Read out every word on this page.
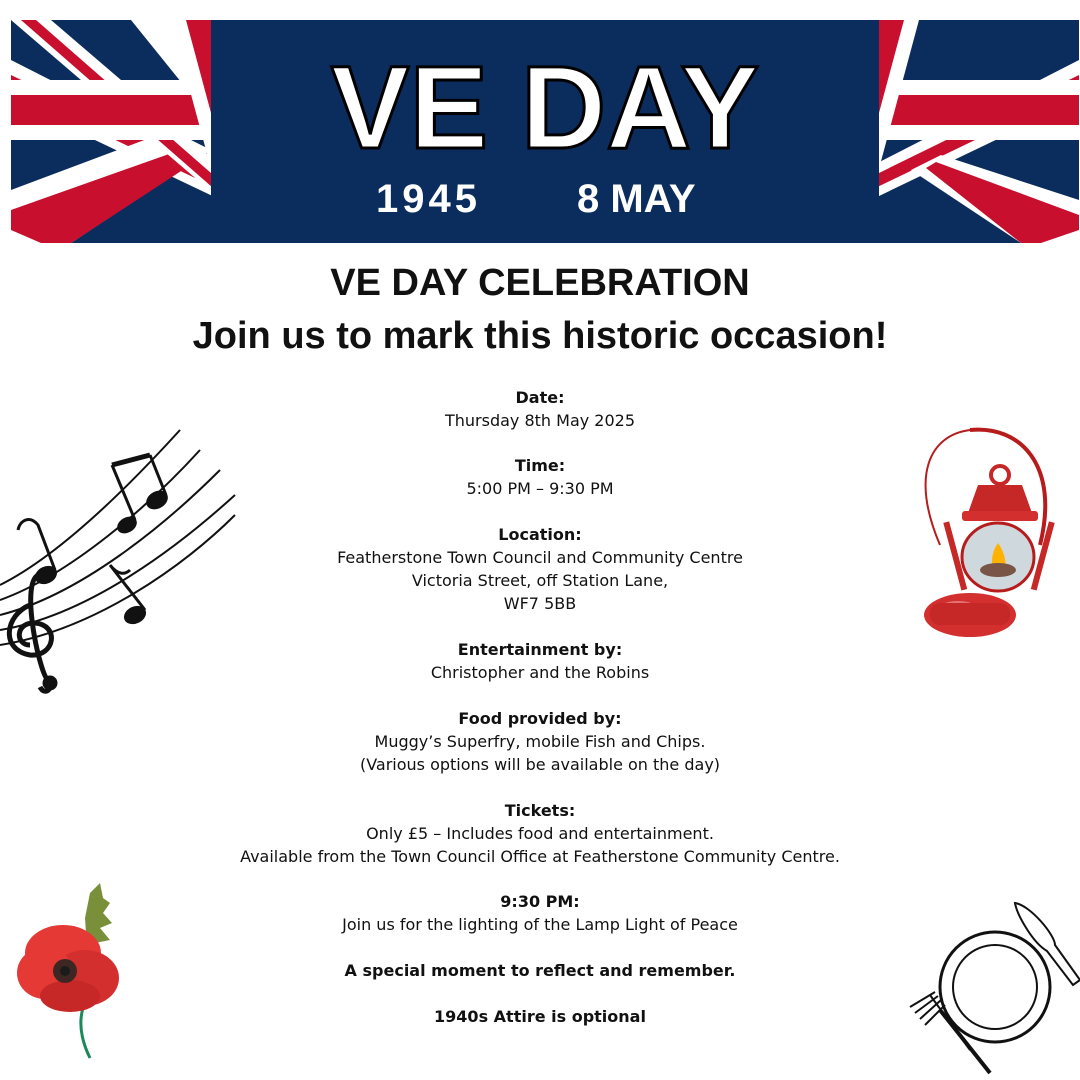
VE DAY
1945 8 MAY
VE DAY CELEBRATION
Join us to mark this historic occasion!
Date:
Thursday 8th May 2025
Time:
5:00 PM – 9:30 PM
Location:
Featherstone Town Council and Community Centre
Victoria Street, off Station Lane,
WF7 5BB
Entertainment by:
Christopher and the Robins
Food provided by:
Muggy’s Superfry, mobile Fish and Chips.
(Various options will be available on the day)
Tickets:
Only £5 – Includes food and entertainment.
Available from the Town Council Office at Featherstone Community Centre.
9:30 PM:
Join us for the lighting of the Lamp Light of Peace
A special moment to reflect and remember.
1940s Attire is optional
